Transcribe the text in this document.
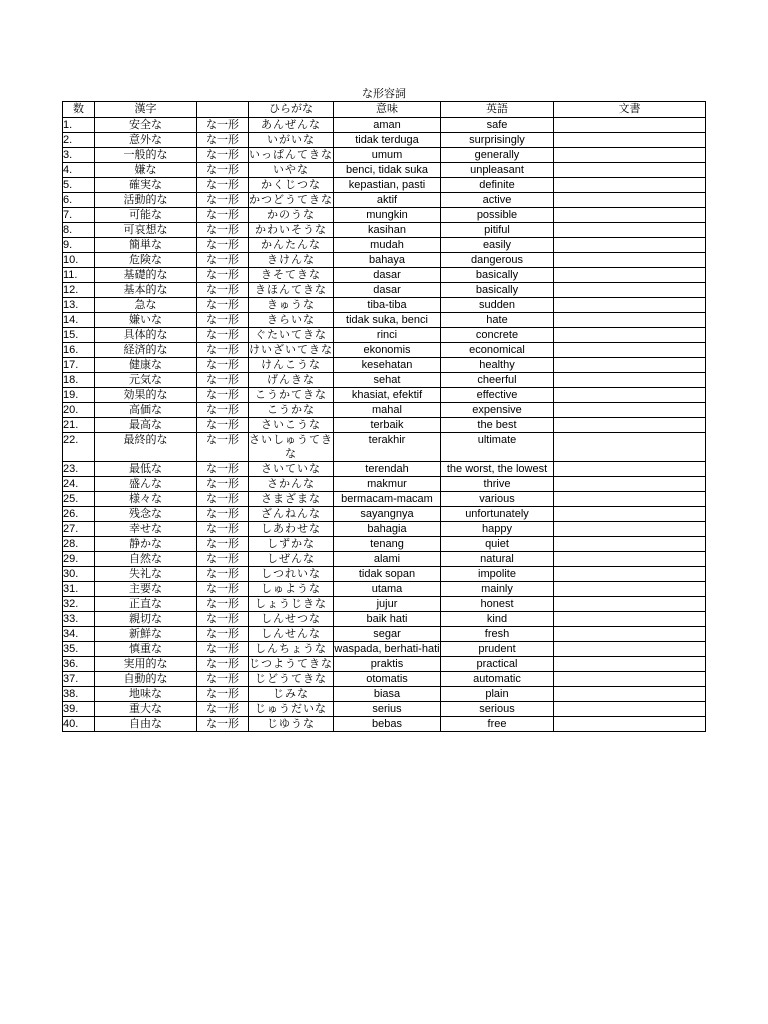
な形容詞
数	漢字		ひらがな	意味	英語	文書
1.	安全な	な一形	あんぜんな	aman	safe	
2.	意外な	な一形	いがいな	tidak terduga	surprisingly	
3.	一般的な	な一形	いっぱんてきな	umum	generally	
4.	嫌な	な一形	いやな	benci, tidak suka	unpleasant	
5.	確実な	な一形	かくじつな	kepastian, pasti	definite	
6.	活動的な	な一形	かつどうてきな	aktif	active	
7.	可能な	な一形	かのうな	mungkin	possible	
8.	可哀想な	な一形	かわいそうな	kasihan	pitiful	
9.	簡単な	な一形	かんたんな	mudah	easily	
10.	危険な	な一形	きけんな	bahaya	dangerous	
11.	基礎的な	な一形	きそてきな	dasar	basically	
12.	基本的な	な一形	きほんてきな	dasar	basically	
13.	急な	な一形	きゅうな	tiba-tiba	sudden	
14.	嫌いな	な一形	きらいな	tidak suka, benci	hate	
15.	具体的な	な一形	ぐたいてきな	rinci	concrete	
16.	経済的な	な一形	けいざいてきな	ekonomis	economical	
17.	健康な	な一形	けんこうな	kesehatan	healthy	
18.	元気な	な一形	げんきな	sehat	cheerful	
19.	効果的な	な一形	こうかてきな	khasiat, efektif	effective	
20.	高価な	な一形	こうかな	mahal	expensive	
21.	最高な	な一形	さいこうな	terbaik	the best	
22.	最終的な	な一形	さいしゅうてきな	terakhir	ultimate	
23.	最低な	な一形	さいていな	terendah	the worst, the lowest	
24.	盛んな	な一形	さかんな	makmur	thrive	
25.	様々な	な一形	さまざまな	bermacam-macam	various	
26.	残念な	な一形	ざんねんな	sayangnya	unfortunately	
27.	幸せな	な一形	しあわせな	bahagia	happy	
28.	静かな	な一形	しずかな	tenang	quiet	
29.	自然な	な一形	しぜんな	alami	natural	
30.	失礼な	な一形	しつれいな	tidak sopan	impolite	
31.	主要な	な一形	しゅような	utama	mainly	
32.	正直な	な一形	しょうじきな	jujur	honest	
33.	親切な	な一形	しんせつな	baik hati	kind	
34.	新鮮な	な一形	しんせんな	segar	fresh	
35.	慎重な	な一形	しんちょうな	waspada, berhati-hati	prudent	
36.	実用的な	な一形	じつようてきな	praktis	practical	
37.	自動的な	な一形	じどうてきな	otomatis	automatic	
38.	地味な	な一形	じみな	biasa	plain	
39.	重大な	な一形	じゅうだいな	serius	serious	
40.	自由な	な一形	じゆうな	bebas	free	
